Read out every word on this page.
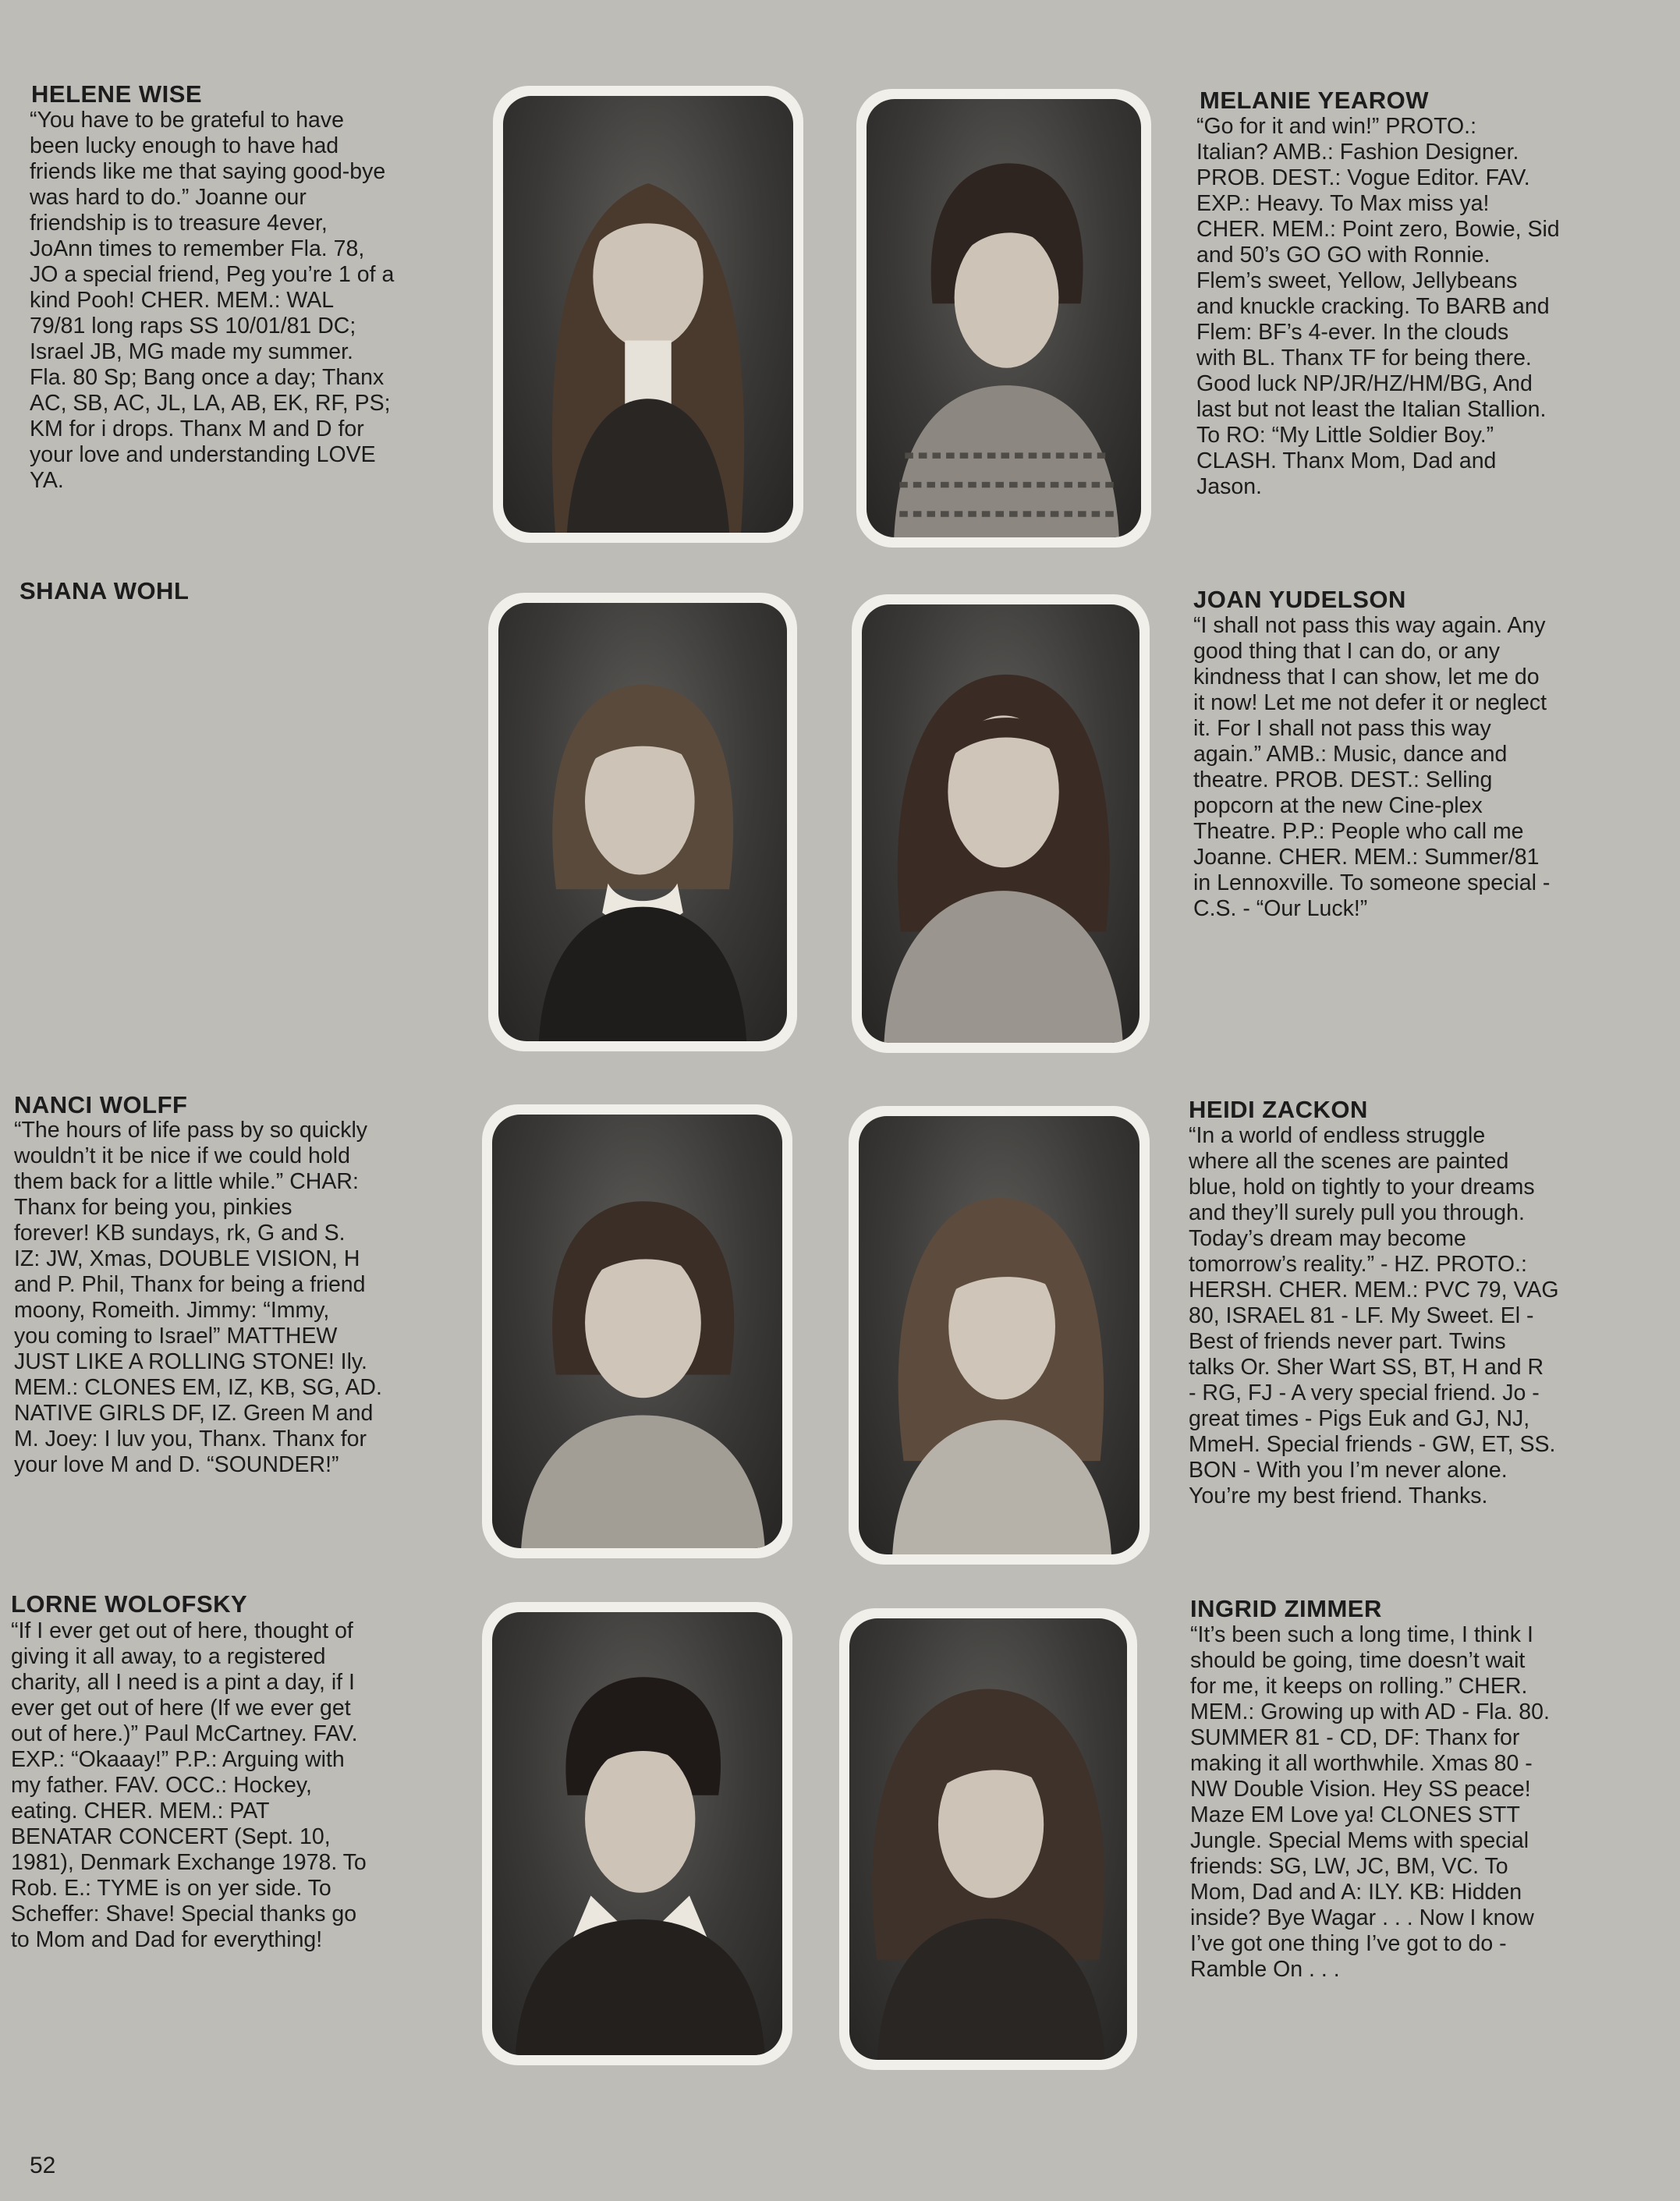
HELENE WISE

“You have to be grateful to have
been lucky enough to have had
friends like me that saying good-bye
was hard to do.” Joanne our
friendship is to treasure 4ever,
JoAnn times to remember Fla. 78,
JO a special friend, Peg you’re 1 of a
kind Pooh! CHER. MEM.: WAL
79/81 long raps SS 10/01/81 DC;
Israel JB, MG made my summer.
Fla. 80 Sp; Bang once a day; Thanx
AC, SB, AC, JL, LA, AB, EK, RF, PS;
KM for i drops. Thanx M and D for
your love and understanding LOVE
YA.

MELANIE YEAROW

“Go for it and win!” PROTO.:
Italian? AMB.: Fashion Designer.
PROB. DEST.: Vogue Editor. FAV.
EXP.: Heavy. To Max miss ya!
CHER. MEM.: Point zero, Bowie, Sid
and 50’s GO GO with Ronnie.
Flem’s sweet, Yellow, Jellybeans
and knuckle cracking. To BARB and
Flem: BF’s 4-ever. In the clouds
with BL. Thanx TF for being there.
Good luck NP/JR/HZ/HM/BG, And
last but not least the Italian Stallion.
To RO: “My Little Soldier Boy.”
CLASH. Thanx Mom, Dad and
Jason.

SHANA WOHL	JOAN YUDELSON

“I shall not pass this way again. Any
good thing that I can do, or any
kindness that I can show, let me do
it now! Let me not defer it or neglect
it. For I shall not pass this way
again.” AMB.: Music, dance and
theatre. PROB. DEST.: Selling
popcorn at the new Cine-plex
Theatre. P.P.: People who call me
Joanne. CHER. MEM.: Summer/81
in Lennoxville. To someone special -
C.S. - “Our Luck!”

NANCI WOLFF

“The hours of life pass by so quickly
wouldn’t it be nice if we could hold
them back for a little while.” CHAR:
Thanx for being you, pinkies
forever! KB sundays, rk, G and S.
IZ: JW, Xmas, DOUBLE VISION, H
and P. Phil, Thanx for being a friend
moony, Romeith. Jimmy: “Immy,
you coming to Israel” MATTHEW
JUST LIKE A ROLLING STONE! Ily.
MEM.: CLONES EM, IZ, KB, SG, AD.
NATIVE GIRLS DF, IZ. Green M and
M. Joey: I luv you, Thanx. Thanx for
your love M and D. “SOUNDER!”

HEIDI ZACKON

“In a world of endless struggle
where all the scenes are painted
blue, hold on tightly to your dreams
and they’ll surely pull you through.
Today’s dream may become
tomorrow’s reality.” - HZ. PROTO.:
HERSH. CHER. MEM.: PVC 79, VAG
80, ISRAEL 81 - LF. My Sweet. El -
Best of friends never part. Twins
talks Or. Sher Wart SS, BT, H and R
- RG, FJ - A very special friend. Jo -
great times - Pigs Euk and GJ, NJ,
MmeH. Special friends - GW, ET, SS.
BON - With you I’m never alone.
You’re my best friend. Thanks.

LORNE WOLOFSKY

“If I ever get out of here, thought of
giving it all away, to a registered
charity, all I need is a pint a day, if I
ever get out of here (If we ever get
out of here.)” Paul McCartney. FAV.
EXP.: “Okaaay!” P.P.: Arguing with
my father. FAV. OCC.: Hockey,
eating. CHER. MEM.: PAT
BENATAR CONCERT (Sept. 10,
1981), Denmark Exchange 1978. To
Rob. E.: TYME is on yer side. To
Scheffer: Shave! Special thanks go
to Mom and Dad for everything!

INGRID ZIMMER

“It’s been such a long time, I think I
should be going, time doesn’t wait
for me, it keeps on rolling.” CHER.
MEM.: Growing up with AD - Fla. 80.
SUMMER 81 - CD, DF: Thanx for
making it all worthwhile. Xmas 80 -
NW Double Vision. Hey SS peace!
Maze EM Love ya! CLONES STT
Jungle. Special Mems with special
friends: SG, LW, JC, BM, VC. To
Mom, Dad and A: ILY. KB: Hidden
inside? Bye Wagar . . . Now I know
I’ve got one thing I’ve got to do -
Ramble On . . .

52
